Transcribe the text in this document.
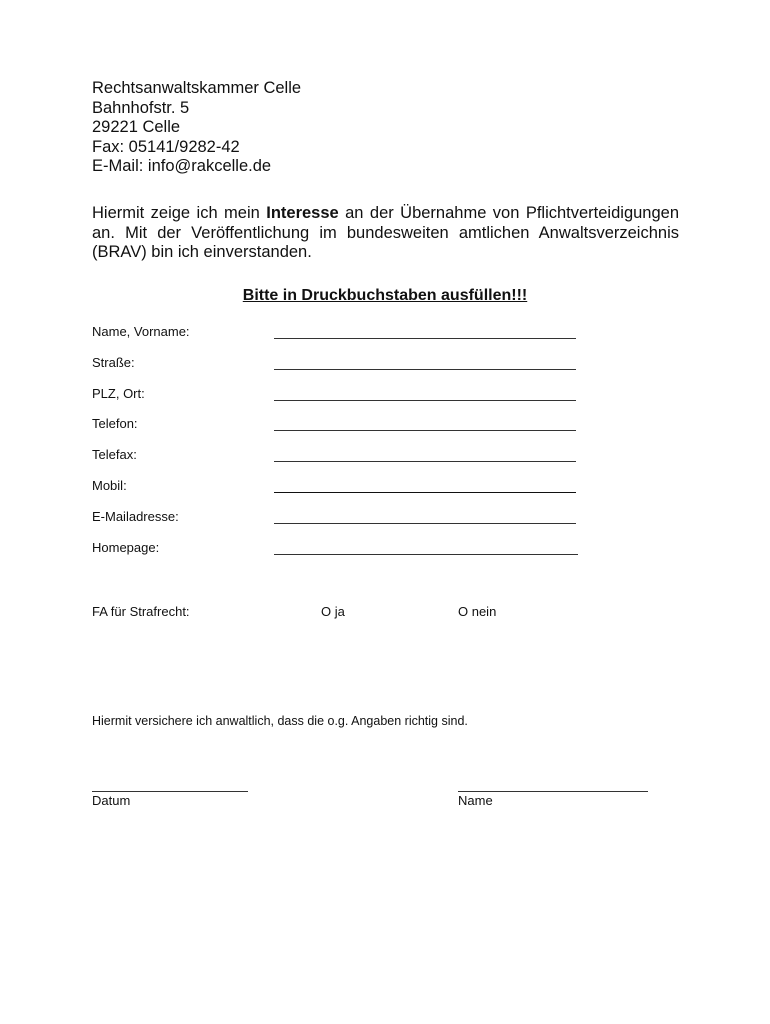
Rechtsanwaltskammer Celle
Bahnhofstr. 5
29221 Celle
Fax: 05141/9282-42
E-Mail: info@rakcelle.de
Hiermit zeige ich mein Interesse an der Übernahme von Pflichtverteidigungen an. Mit der Veröffentlichung im bundesweiten amtlichen Anwaltsverzeichnis (BRAV) bin ich einverstanden.
Bitte in Druckbuchstaben ausfüllen!!!
Name, Vorname:
Straße:
PLZ, Ort:
Telefon:
Telefax:
Mobil:
E-Mailadresse:
Homepage:
FA für Strafrecht:	O ja	O nein
Hiermit versichere ich anwaltlich, dass die o.g. Angaben richtig sind.
Datum	Name
